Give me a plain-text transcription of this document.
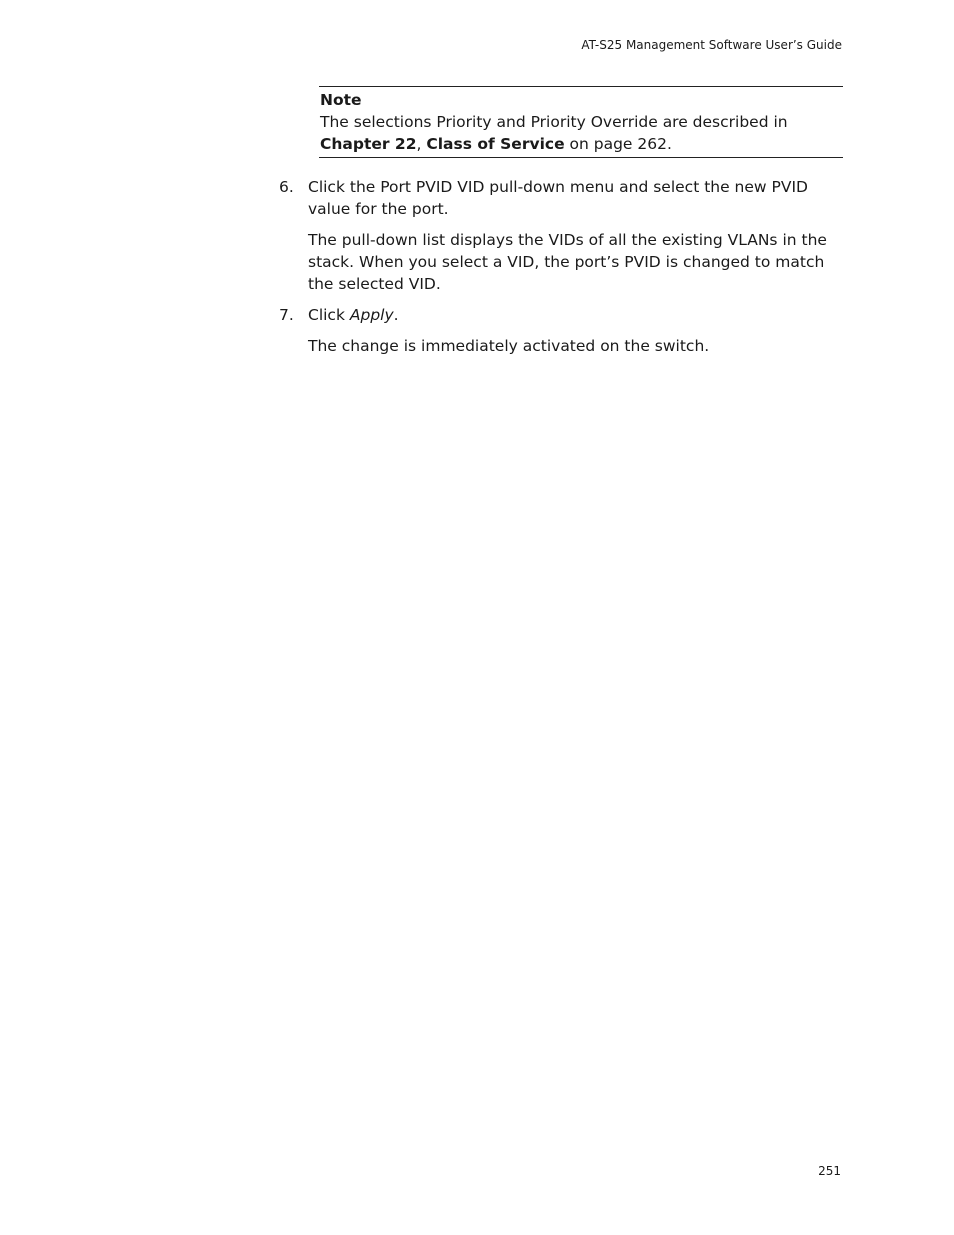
AT-S25 Management Software User’s Guide
Note
The selections Priority and Priority Override are described in Chapter 22, Class of Service on page 262.
6. Click the Port PVID VID pull-down menu and select the new PVID value for the port.

The pull-down list displays the VIDs of all the existing VLANs in the stack. When you select a VID, the port’s PVID is changed to match the selected VID.

7. Click Apply.

The change is immediately activated on the switch.

251
